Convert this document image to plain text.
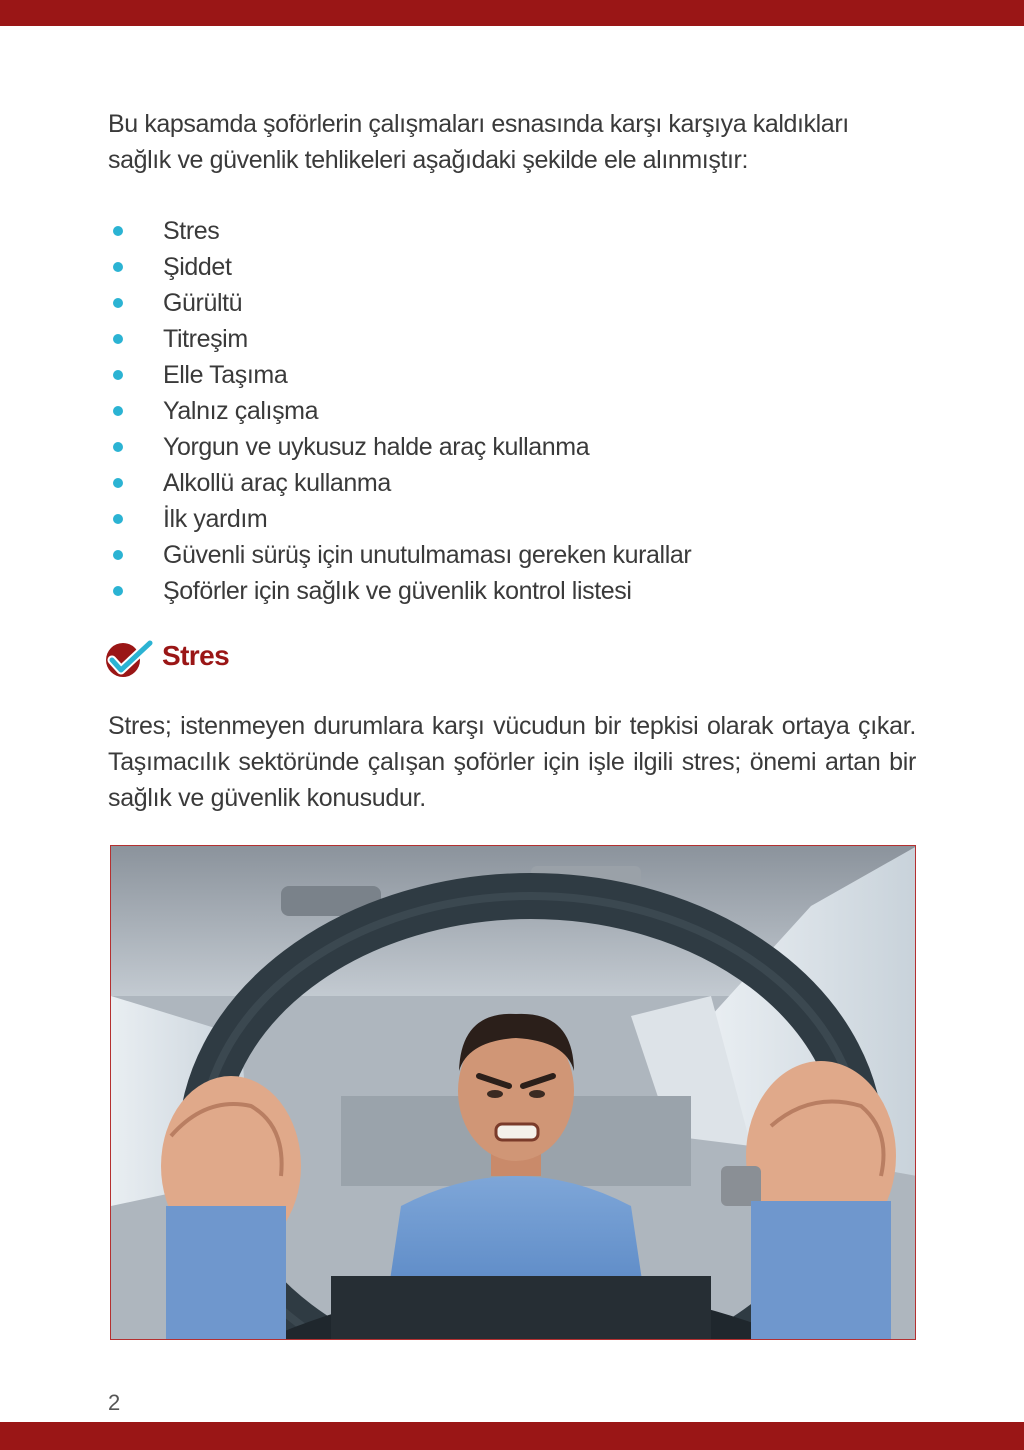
Bu kapsamda şoförlerin çalışmaları esnasında karşı karşıya kaldıkları sağlık ve güvenlik tehlikeleri aşağıdaki şekilde ele alınmıştır:

Stres
Şiddet
Gürültü
Titreşim
Elle Taşıma
Yalnız çalışma
Yorgun ve uykusuz halde araç kullanma
Alkollü araç kullanma
İlk yardım
Güvenli sürüş için unutulmaması gereken kurallar
Şoförler için sağlık ve güvenlik kontrol listesi
Stres

Stres; istenmeyen durumlara karşı vücudun bir tepkisi olarak ortaya çıkar. Taşımacılık sektöründe çalışan şoförler için işle ilgili stres; önemi artan bir sağlık ve güvenlik konusudur.

2
